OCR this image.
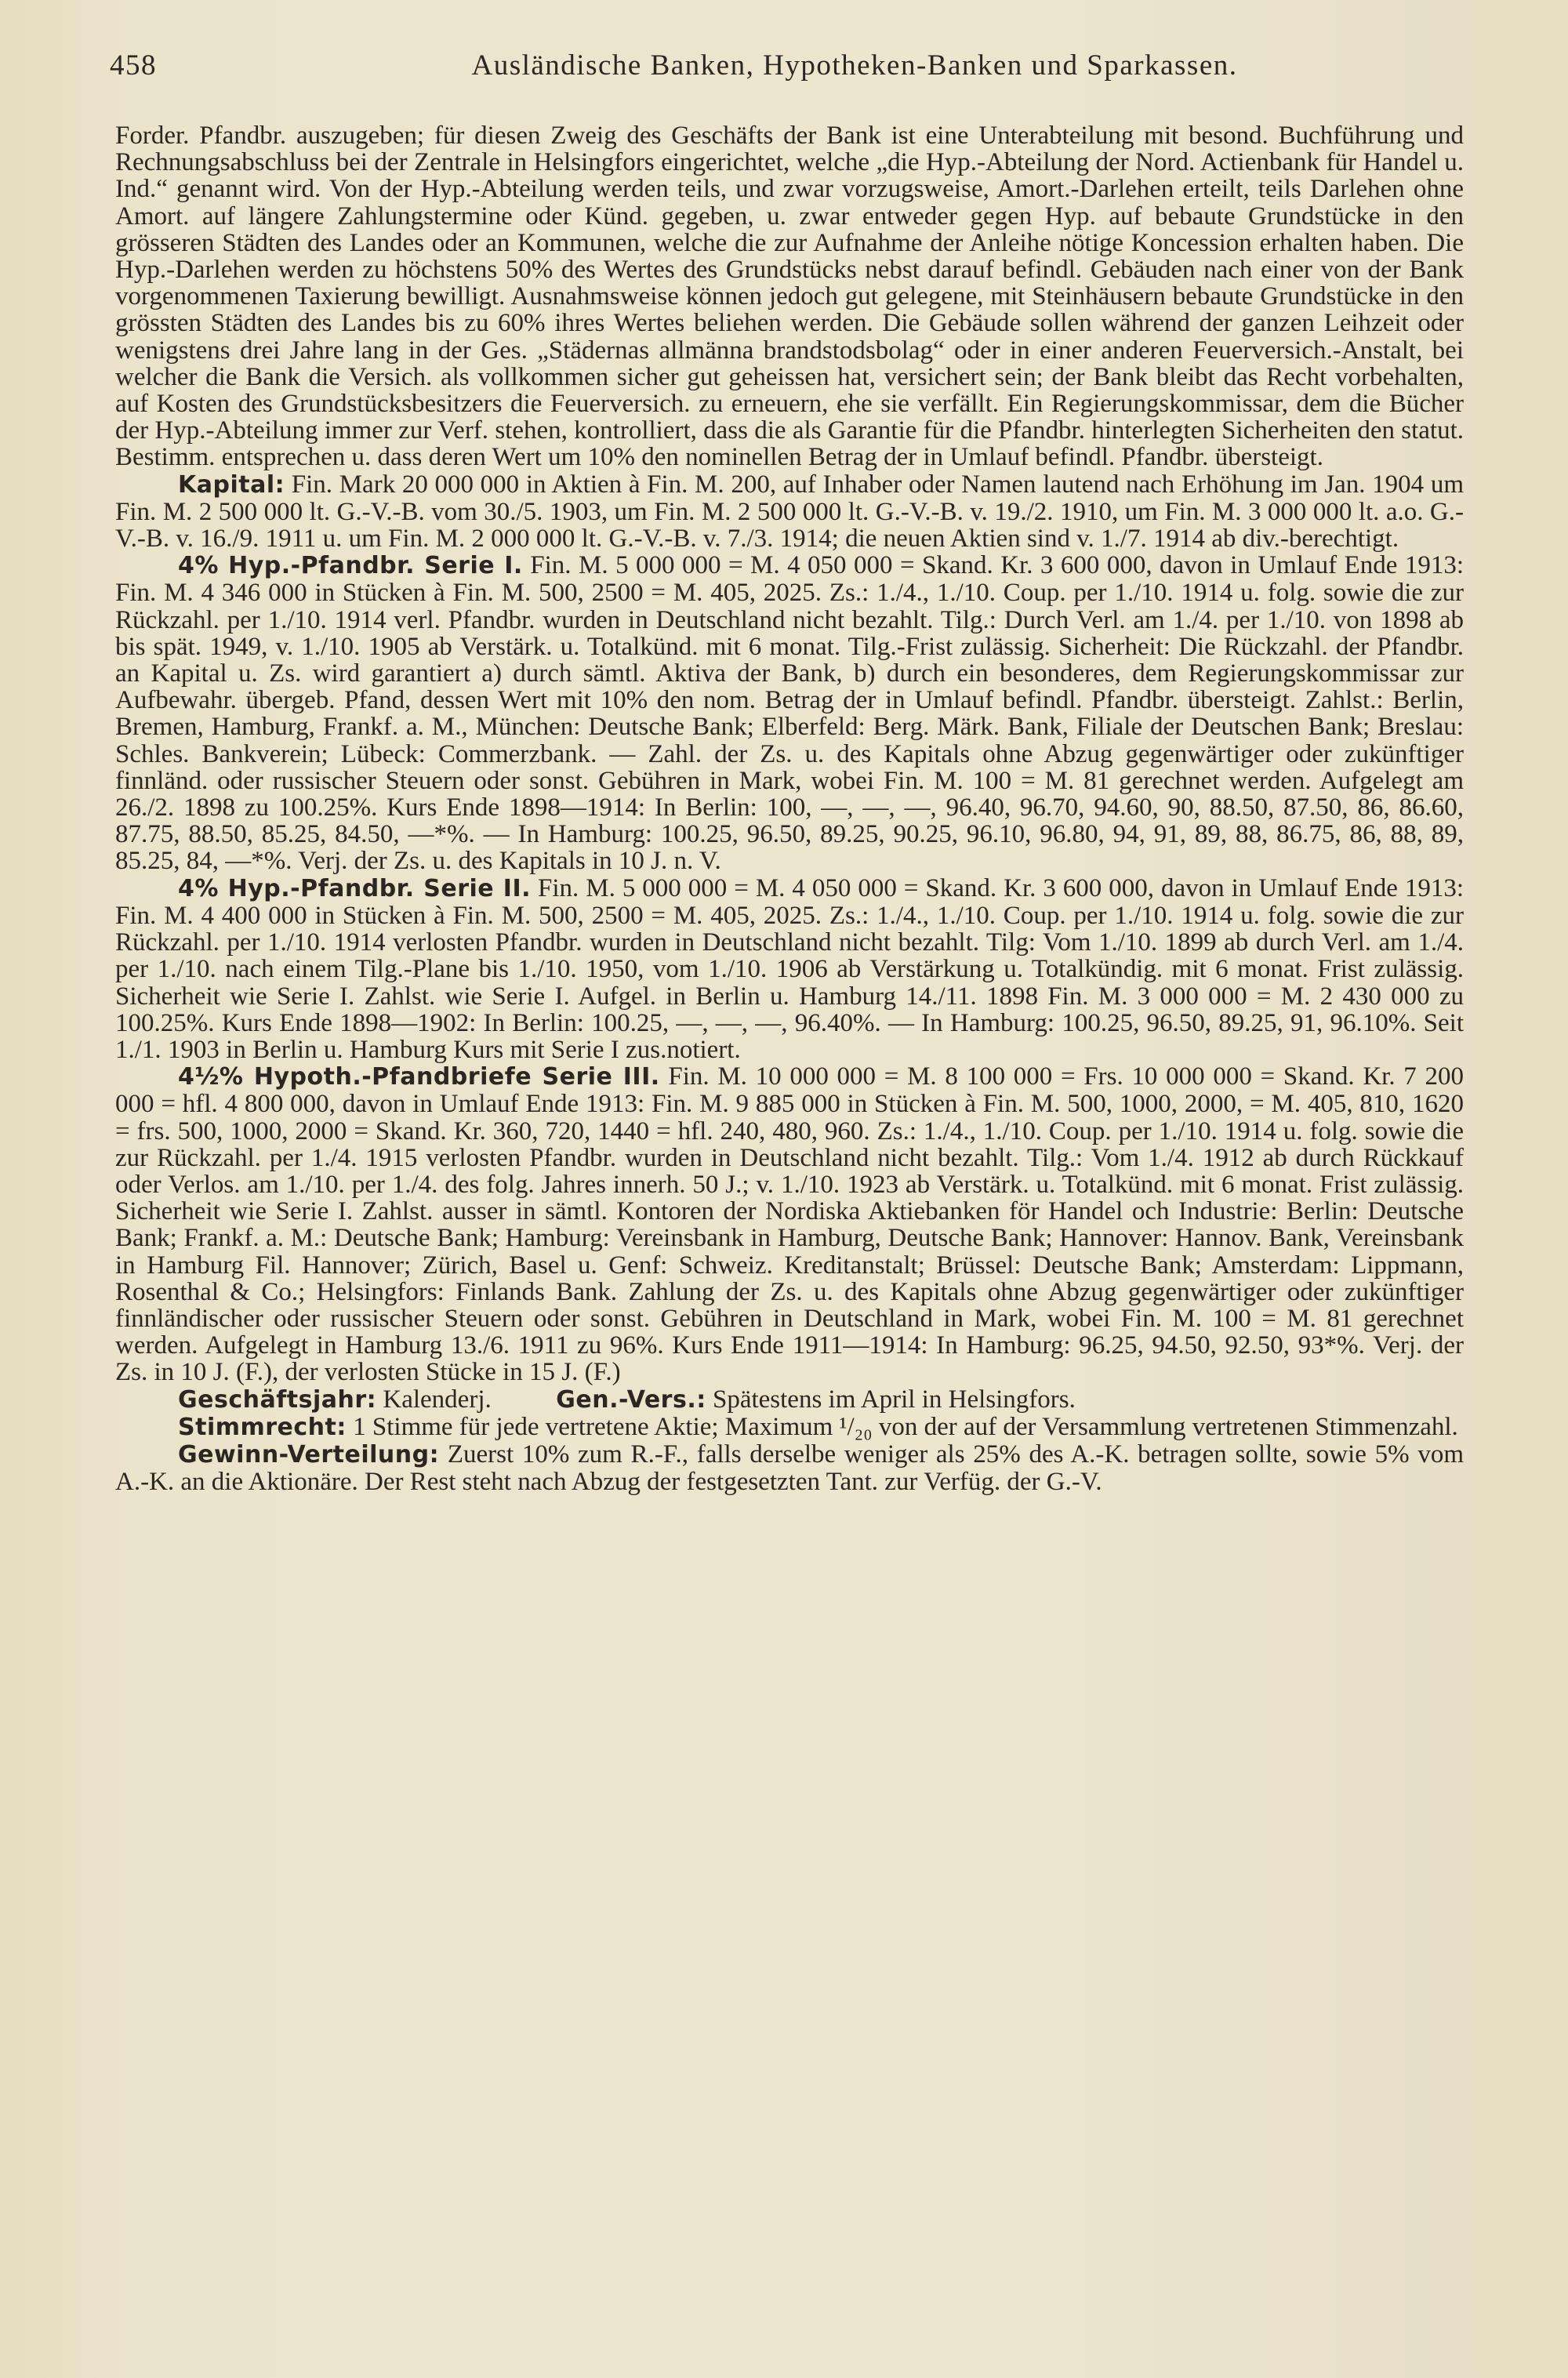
458	Ausländische Banken, Hypotheken-Banken und Sparkassen.

Forder. Pfandbr. auszugeben; für diesen Zweig des Geschäfts der Bank ist eine Unterabteilung mit besond. Buchführung und Rechnungsabschluss bei der Zentrale in Helsingfors eingerichtet, welche „die Hyp.-Abteilung der Nord. Actienbank für Handel u. Ind.“ genannt wird. Von der Hyp.-Abteilung werden teils, und zwar vorzugsweise, Amort.-Darlehen erteilt, teils Darlehen ohne Amort. auf längere Zahlungstermine oder Künd. gegeben, u. zwar entweder gegen Hyp. auf bebaute Grundstücke in den grösseren Städten des Landes oder an Kommunen, welche die zur Aufnahme der Anleihe nötige Koncession erhalten haben. Die Hyp.-Darlehen werden zu höchstens 50% des Wertes des Grundstücks nebst darauf befindl. Gebäuden nach einer von der Bank vorgenommenen Taxierung bewilligt. Ausnahmsweise können jedoch gut gelegene, mit Steinhäusern bebaute Grundstücke in den grössten Städten des Landes bis zu 60% ihres Wertes beliehen werden. Die Gebäude sollen während der ganzen Leihzeit oder wenigstens drei Jahre lang in der Ges. „Städernas allmänna brandstodsbolag“ oder in einer anderen Feuerversich.-Anstalt, bei welcher die Bank die Versich. als vollkommen sicher gut geheissen hat, versichert sein; der Bank bleibt das Recht vorbehalten, auf Kosten des Grundstücksbesitzers die Feuerversich. zu erneuern, ehe sie verfällt. Ein Regierungskommissar, dem die Bücher der Hyp.-Abteilung immer zur Verf. stehen, kontrolliert, dass die als Garantie für die Pfandbr. hinterlegten Sicherheiten den statut. Bestimm. entsprechen u. dass deren Wert um 10% den nominellen Betrag der in Umlauf befindl. Pfandbr. übersteigt.

Kapital: Fin. Mark 20 000 000 in Aktien à Fin. M. 200, auf Inhaber oder Namen lautend nach Erhöhung im Jan. 1904 um Fin. M. 2 500 000 lt. G.-V.-B. vom 30./5. 1903, um Fin. M. 2 500 000 lt. G.-V.-B. v. 19./2. 1910, um Fin. M. 3 000 000 lt. a.o. G.-V.-B. v. 16./9. 1911 u. um Fin. M. 2 000 000 lt. G.-V.-B. v. 7./3. 1914; die neuen Aktien sind v. 1./7. 1914 ab div.-berechtigt.

4% Hyp.-Pfandbr. Serie I. Fin. M. 5 000 000 = M. 4 050 000 = Skand. Kr. 3 600 000, davon in Umlauf Ende 1913: Fin. M. 4 346 000 in Stücken à Fin. M. 500, 2500 = M. 405, 2025. Zs.: 1./4., 1./10. Coup. per 1./10. 1914 u. folg. sowie die zur Rückzahl. per 1./10. 1914 verl. Pfandbr. wurden in Deutschland nicht bezahlt. Tilg.: Durch Verl. am 1./4. per 1./10. von 1898 ab bis spät. 1949, v. 1./10. 1905 ab Verstärk. u. Totalkünd. mit 6 monat. Tilg.-Frist zulässig. Sicherheit: Die Rückzahl. der Pfandbr. an Kapital u. Zs. wird garantiert a) durch sämtl. Aktiva der Bank, b) durch ein besonderes, dem Regierungskommissar zur Aufbewahr. übergeb. Pfand, dessen Wert mit 10% den nom. Betrag der in Umlauf befindl. Pfandbr. übersteigt. Zahlst.: Berlin, Bremen, Hamburg, Frankf. a. M., München: Deutsche Bank; Elberfeld: Berg. Märk. Bank, Filiale der Deutschen Bank; Breslau: Schles. Bankverein; Lübeck: Commerzbank. — Zahl. der Zs. u. des Kapitals ohne Abzug gegenwärtiger oder zukünftiger finnländ. oder russischer Steuern oder sonst. Gebühren in Mark, wobei Fin. M. 100 = M. 81 gerechnet werden. Aufgelegt am 26./2. 1898 zu 100.25%. Kurs Ende 1898—1914: In Berlin: 100, —, —, —, 96.40, 96.70, 94.60, 90, 88.50, 87.50, 86, 86.60, 87.75, 88.50, 85.25, 84.50, —*%. — In Hamburg: 100.25, 96.50, 89.25, 90.25, 96.10, 96.80, 94, 91, 89, 88, 86.75, 86, 88, 89, 85.25, 84, —*%. Verj. der Zs. u. des Kapitals in 10 J. n. V.

4% Hyp.-Pfandbr. Serie II. Fin. M. 5 000 000 = M. 4 050 000 = Skand. Kr. 3 600 000, davon in Umlauf Ende 1913: Fin. M. 4 400 000 in Stücken à Fin. M. 500, 2500 = M. 405, 2025. Zs.: 1./4., 1./10. Coup. per 1./10. 1914 u. folg. sowie die zur Rückzahl. per 1./10. 1914 verlosten Pfandbr. wurden in Deutschland nicht bezahlt. Tilg: Vom 1./10. 1899 ab durch Verl. am 1./4. per 1./10. nach einem Tilg.-Plane bis 1./10. 1950, vom 1./10. 1906 ab Verstärkung u. Totalkündig. mit 6 monat. Frist zulässig. Sicherheit wie Serie I. Zahlst. wie Serie I. Aufgel. in Berlin u. Hamburg 14./11. 1898 Fin. M. 3 000 000 = M. 2 430 000 zu 100.25%. Kurs Ende 1898—1902: In Berlin: 100.25, —, —, —, 96.40%. — In Hamburg: 100.25, 96.50, 89.25, 91, 96.10%. Seit 1./1. 1903 in Berlin u. Hamburg Kurs mit Serie I zus.notiert.

4½% Hypoth.-Pfandbriefe Serie III. Fin. M. 10 000 000 = M. 8 100 000 = Frs. 10 000 000 = Skand. Kr. 7 200 000 = hfl. 4 800 000, davon in Umlauf Ende 1913: Fin. M. 9 885 000 in Stücken à Fin. M. 500, 1000, 2000, = M. 405, 810, 1620 = frs. 500, 1000, 2000 = Skand. Kr. 360, 720, 1440 = hfl. 240, 480, 960. Zs.: 1./4., 1./10. Coup. per 1./10. 1914 u. folg. sowie die zur Rückzahl. per 1./4. 1915 verlosten Pfandbr. wurden in Deutschland nicht bezahlt. Tilg.: Vom 1./4. 1912 ab durch Rückkauf oder Verlos. am 1./10. per 1./4. des folg. Jahres innerh. 50 J.; v. 1./10. 1923 ab Verstärk. u. Totalkünd. mit 6 monat. Frist zulässig. Sicherheit wie Serie I. Zahlst. ausser in sämtl. Kontoren der Nordiska Aktiebanken för Handel och Industrie: Berlin: Deutsche Bank; Frankf. a. M.: Deutsche Bank; Hamburg: Vereinsbank in Hamburg, Deutsche Bank; Hannover: Hannov. Bank, Vereinsbank in Hamburg Fil. Hannover; Zürich, Basel u. Genf: Schweiz. Kreditanstalt; Brüssel: Deutsche Bank; Amsterdam: Lippmann, Rosenthal & Co.; Helsingfors: Finlands Bank. Zahlung der Zs. u. des Kapitals ohne Abzug gegenwärtiger oder zukünftiger finnländischer oder russischer Steuern oder sonst. Gebühren in Deutschland in Mark, wobei Fin. M. 100 = M. 81 gerechnet werden. Aufgelegt in Hamburg 13./6. 1911 zu 96%. Kurs Ende 1911—1914: In Hamburg: 96.25, 94.50, 92.50, 93*%. Verj. der Zs. in 10 J. (F.), der verlosten Stücke in 15 J. (F.)

Geschäftsjahr: Kalenderj.          Gen.-Vers.: Spätestens im April in Helsingfors.

Stimmrecht: 1 Stimme für jede vertretene Aktie; Maximum ¹/₂₀ von der auf der Versammlung vertretenen Stimmenzahl.

Gewinn-Verteilung: Zuerst 10% zum R.-F., falls derselbe weniger als 25% des A.-K. betragen sollte, sowie 5% vom A.-K. an die Aktionäre. Der Rest steht nach Abzug der festgesetzten Tant. zur Verfüg. der G.-V.
